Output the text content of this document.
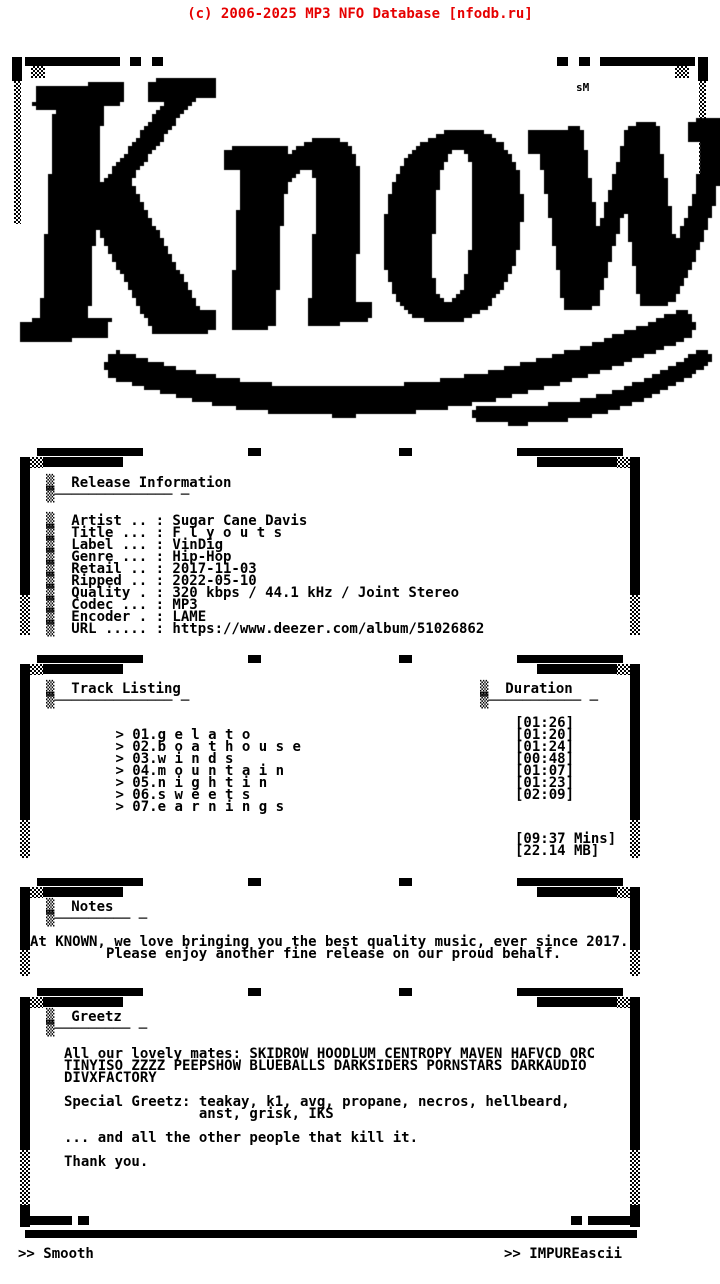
(c) 2006-2025 MP3 NFO Database [nfodb.ru]
sM
▒  Release Information
▒────────────── ─
▒  Artist .. : Sugar Cane Davis
▒  Title ... : F l y o u t s
▒  Label ... : VinDig
▒  Genre ... : Hip-Hop
▒  Retail .. : 2017-11-03
▒  Ripped .. : 2022-05-10
▒  Quality . : 320 kbps / 44.1 kHz / Joint Stereo
▒  Codec ... : MP3
▒  Encoder . : LAME
▒  URL ..... : https://www.deezer.com/album/51026862
▒  Track Listing
▒────────────── ─
▒  Duration
▒─────────── ─

> 01.g e l a t o

[01:26]

> 02.b o a t h o u s e

[01:20]

> 03.w i n d s

[01:24]

> 04.m o u n t a i n

[00:48]

> 05.n i g h t i n

[01:07]

> 06.s w e e t s

[01:23]

> 07.e a r n i n g s

[02:09]

[09:37 Mins]
[22.14 MB]
▒  Notes
▒───────── ─
At KNOWN, we love bringing you the best quality music, ever since 2017.
Please enjoy another fine release on our proud behalf.
▒  Greetz
▒───────── ─
All our lovely mates: SKIDROW HOODLUM CENTROPY MAVEN HAFVCD ORC
TINYISO ZZZZ PEEPSHOW BLUEBALLS DARKSIDERS PORNSTARS DARKAUDIO
DIVXFACTORY
Special Greetz: teakay, k1, avg, propane, necros, hellbeard,
anst, grisk, IKS
... and all the other people that kill it.
Thank you.
>> Smooth	>> IMPUREascii
